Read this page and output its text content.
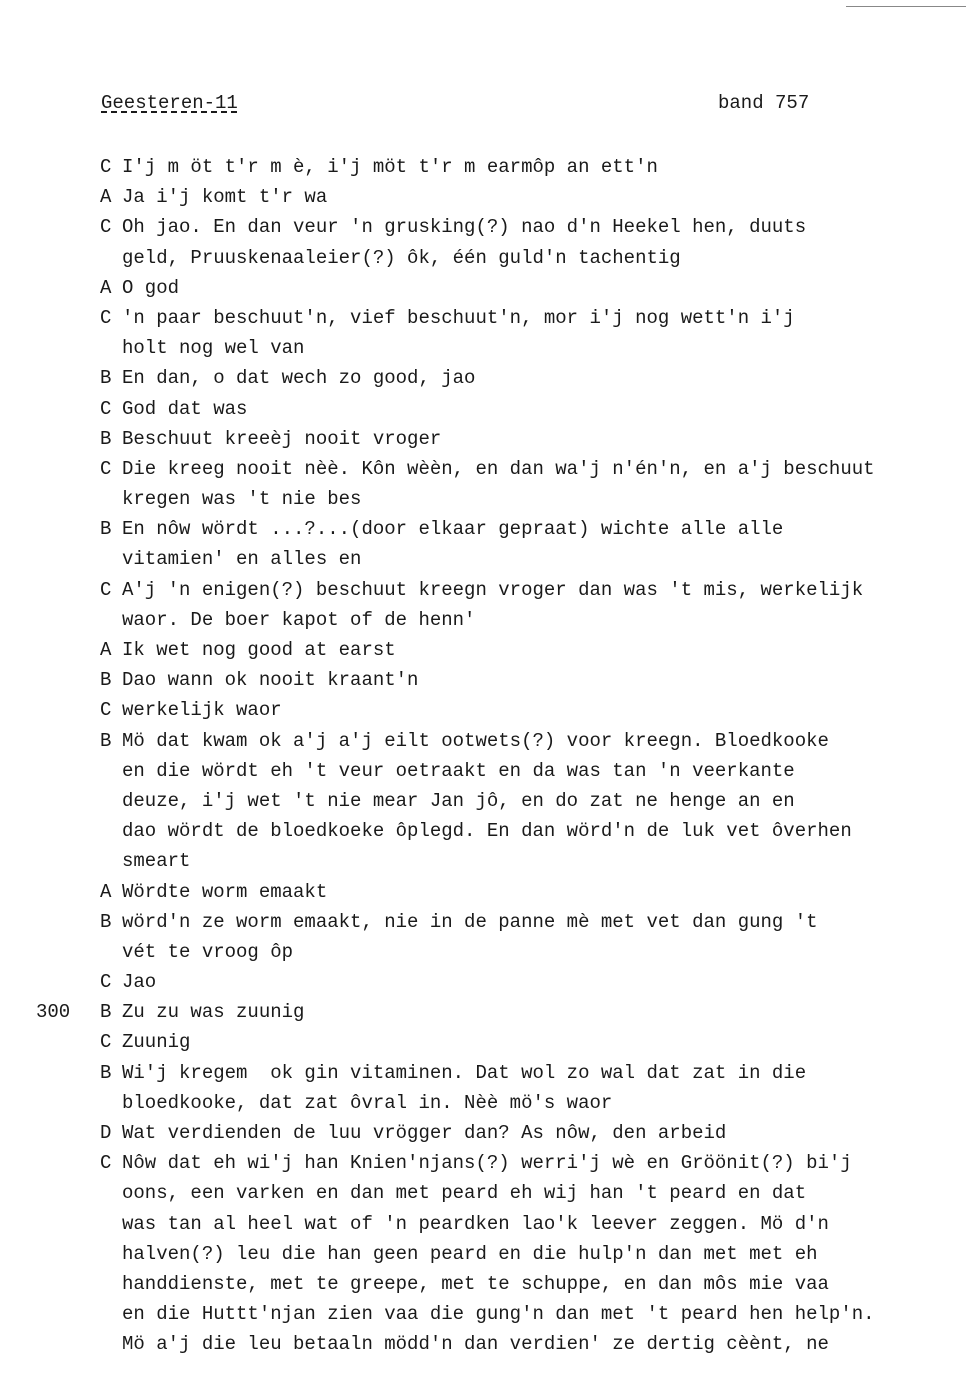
Geesteren-11	band 757
C I'j m öt t'r m è, i'j möt t'r m earmôp an ett'n
A Ja i'j komt t'r wa
C Oh jao. En dan veur 'n grusking(?) nao d'n Heekel hen, duuts
geld, Pruuskenaaleier(?) ôk, één guld'n tachentig
A O god
C 'n paar beschuut'n, vief beschuut'n, mor i'j nog wett'n i'j
holt nog wel van
B En dan, o dat wech zo good, jao
C God dat was
B Beschuut kreeèj nooit vroger
C Die kreeg nooit nèè. Kôn wèèn, en dan wa'j n'én'n, en a'j beschuut
kregen was 't nie bes
B En nôw wördt ...?...(door elkaar gepraat) wichte alle alle
vitamien' en alles en
C A'j 'n enigen(?) beschuut kreegn vroger dan was 't mis, werkelijk
waor. De boer kapot of de henn'
A Ik wet nog good at earst
B Dao wann ok nooit kraant'n
C werkelijk waor
B Mö dat kwam ok a'j a'j eilt ootwets(?) voor kreegn. Bloedkooke
en die wördt eh 't veur oetraakt en da was tan 'n veerkante
deuze, i'j wet 't nie mear Jan jô, en do zat ne henge an en
dao wördt de bloedkoeke ôplegd. En dan wörd'n de luk vet ôverhen
smeart
A Wördte worm emaakt
B wörd'n ze worm emaakt, nie in de panne mè met vet dan gung 't
vét te vroog ôp
C Jao
300 B Zu zu was zuunig
C Zuunig
B Wi'j kregem  ok gin vitaminen. Dat wol zo wal dat zat in die
bloedkooke, dat zat ôvral in. Nèè mö's waor
D Wat verdienden de luu vrögger dan? As nôw, den arbeid
C Nôw dat eh wi'j han Knien'njans(?) werri'j wè en Gröönit(?) bi'j
oons, een varken en dan met peard eh wij han 't peard en dat
was tan al heel wat of 'n peardken lao'k leever zeggen. Mö d'n
halven(?) leu die han geen peard en die hulp'n dan met met eh
handdienste, met te greepe, met te schuppe, en dan môs mie vaa
en die Huttt'njan zien vaa die gung'n dan met 't peard hen help'n.
Mö a'j die leu betaaln mödd'n dan verdien' ze dertig cèènt, ne
